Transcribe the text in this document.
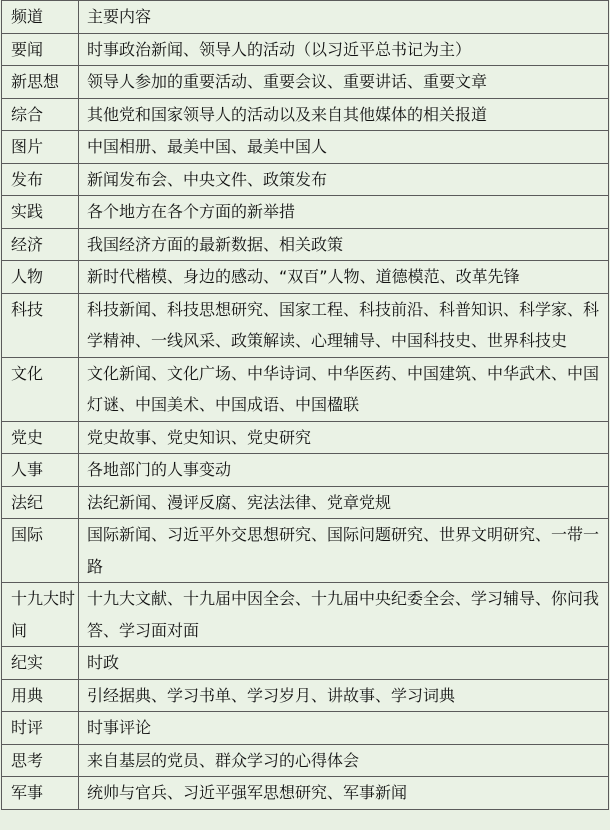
频道	主要内容
要闻	时事政治新闻、领导人的活动（以习近平总书记为主）
新思想	领导人参加的重要活动、重要会议、重要讲话、重要文章
综合	其他党和国家领导人的活动以及来自其他媒体的相关报道
图片	中国相册、最美中国、最美中国人
发布	新闻发布会、中央文件、政策发布
实践	各个地方在各个方面的新举措
经济	我国经济方面的最新数据、相关政策
人物	新时代楷模、身边的感动、“双百”人物、道德模范、改革先锋
科技	科技新闻、科技思想研究、国家工程、科技前沿、科普知识、科学家、科学精神、一线风采、政策解读、心理辅导、中国科技史、世界科技史
文化	文化新闻、文化广场、中华诗词、中华医药、中国建筑、中华武术、中国灯谜、中国美术、中国成语、中国楹联
党史	党史故事、党史知识、党史研究
人事	各地部门的人事变动
法纪	法纪新闻、漫评反腐、宪法法律、党章党规
国际	国际新闻、习近平外交思想研究、国际问题研究、世界文明研究、一带一路
十九大时间	十九大文献、十九届中因全会、十九届中央纪委全会、学习辅导、你问我答、学习面对面
纪实	时政
用典	引经据典、学习书单、学习岁月、讲故事、学习词典
时评	时事评论
思考	来自基层的党员、群众学习的心得体会
军事	统帅与官兵、习近平强军思想研究、军事新闻
